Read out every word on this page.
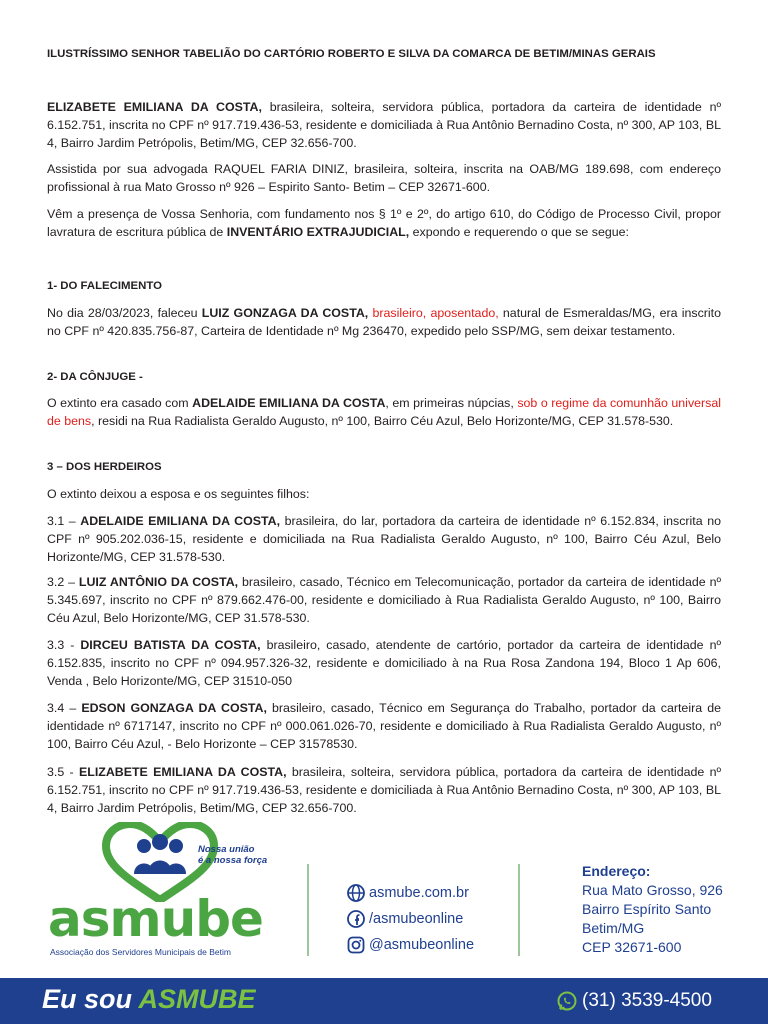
ILUSTRÍSSIMO SENHOR TABELIÃO DO CARTÓRIO ROBERTO E SILVA DA COMARCA DE BETIM/MINAS GERAIS

ELIZABETE EMILIANA DA COSTA, brasileira, solteira, servidora pública, portadora da carteira de identidade nº 6.152.751, inscrita no CPF nº 917.719.436-53, residente e domiciliada à Rua Antônio Bernadino Costa, nº 300, AP 103, BL 4, Bairro Jardim Petrópolis, Betim/MG, CEP 32.656-700.

Assistida por sua advogada RAQUEL FARIA DINIZ, brasileira, solteira, inscrita na OAB/MG 189.698, com endereço profissional à rua Mato Grosso nº 926 – Espirito Santo- Betim – CEP 32671-600.

Vêm a presença de Vossa Senhoria, com fundamento nos § 1º e 2º, do artigo 610, do Código de Processo Civil, propor lavratura de escritura pública de INVENTÁRIO EXTRAJUDICIAL, expondo e requerendo o que se segue:

1- DO FALECIMENTO

No dia 28/03/2023, faleceu LUIZ GONZAGA DA COSTA, brasileiro, aposentado, natural de Esmeraldas/MG, era inscrito no CPF nº 420.835.756-87, Carteira de Identidade nº Mg 236470, expedido pelo SSP/MG, sem deixar testamento.

2- DA CÔNJUGE -

O extinto era casado com ADELAIDE EMILIANA DA COSTA, em primeiras núpcias, sob o regime da comunhão universal de bens, residi na Rua Radialista Geraldo Augusto, nº 100, Bairro Céu Azul, Belo Horizonte/MG, CEP 31.578-530.

3 – DOS HERDEIROS

O extinto deixou a esposa e os seguintes filhos:

3.1 – ADELAIDE EMILIANA DA COSTA, brasileira, do lar, portadora da carteira de identidade nº 6.152.834, inscrita no CPF nº 905.202.036-15, residente e domiciliada na Rua Radialista Geraldo Augusto, nº 100, Bairro Céu Azul, Belo Horizonte/MG, CEP 31.578-530.

3.2 – LUIZ ANTÔNIO DA COSTA, brasileiro, casado, Técnico em Telecomunicação, portador da carteira de identidade nº 5.345.697, inscrito no CPF nº 879.662.476-00, residente e domiciliado à Rua Radialista Geraldo Augusto, nº 100, Bairro Céu Azul, Belo Horizonte/MG, CEP 31.578-530.

3.3 - DIRCEU BATISTA DA COSTA, brasileiro, casado, atendente de cartório, portador da carteira de identidade nº 6.152.835, inscrito no CPF nº 094.957.326-32, residente e domiciliado à na Rua Rosa Zandona 194, Bloco 1 Ap 606, Venda , Belo Horizonte/MG, CEP 31510-050

3.4 – EDSON GONZAGA DA COSTA, brasileiro, casado, Técnico em Segurança do Trabalho, portador da carteira de identidade nº 6717147, inscrito no CPF nº 000.061.026-70, residente e domiciliado à Rua Radialista Geraldo Augusto, nº 100, Bairro Céu Azul, - Belo Horizonte – CEP 31578530.

3.5 - ELIZABETE EMILIANA DA COSTA, brasileira, solteira, servidora pública, portadora da carteira de identidade nº 6.152.751, inscrito no CPF nº 917.719.436-53, residente e domiciliada à Rua Antônio Bernadino Costa, nº 300, AP 103, BL 4, Bairro Jardim Petrópolis, Betim/MG, CEP 32.656-700.

Nossa união
é a nossa força
asmube
Associação dos Servidores Municipais de Betim
asmube.com.br
/asmubeonline
@asmubeonline
Endereço:
Rua Mato Grosso, 926
Bairro Espírito Santo
Betim/MG
CEP 32671-600
Eu sou ASMUBE	(31) 3539-4500
